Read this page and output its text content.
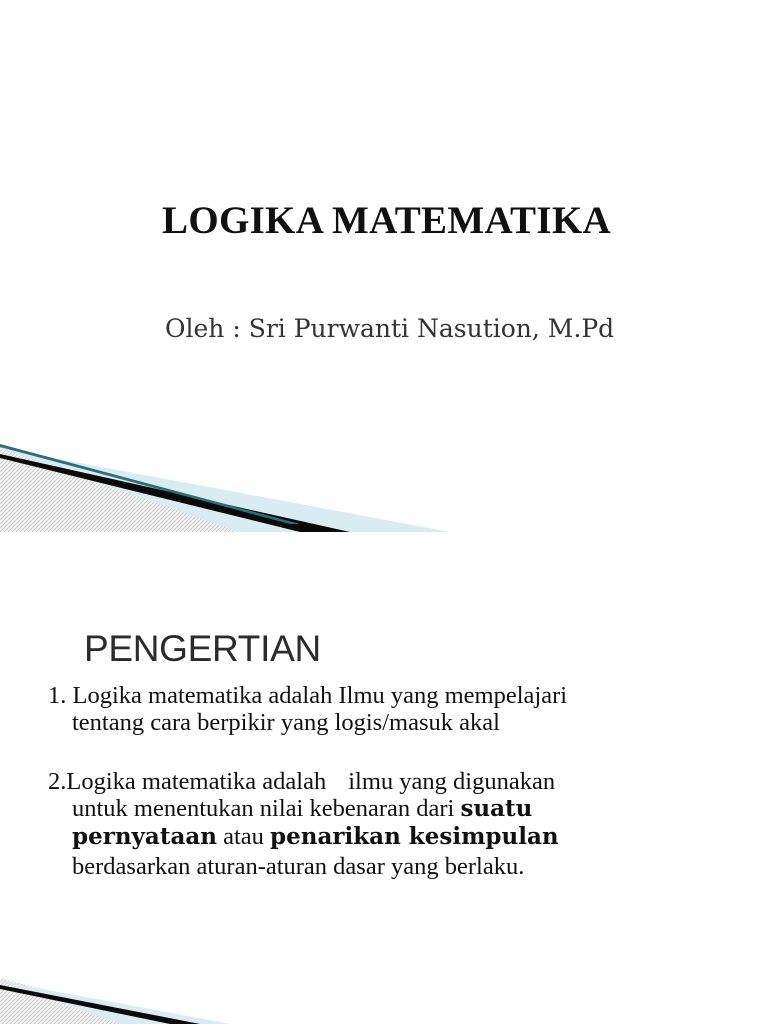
LOGIKA MATEMATIKA

Oleh : Sri Purwanti Nasution, M.Pd

PENGERTIAN
1. Logika matematika adalah Ilmu yang mempelajari
tentang cara berpikir yang logis/masuk akal
2.Logika matematika adalah ilmu yang digunakan
untuk menentukan nilai kebenaran dari suatu
pernyataan atau penarikan kesimpulan
berdasarkan aturan-aturan dasar yang berlaku.
